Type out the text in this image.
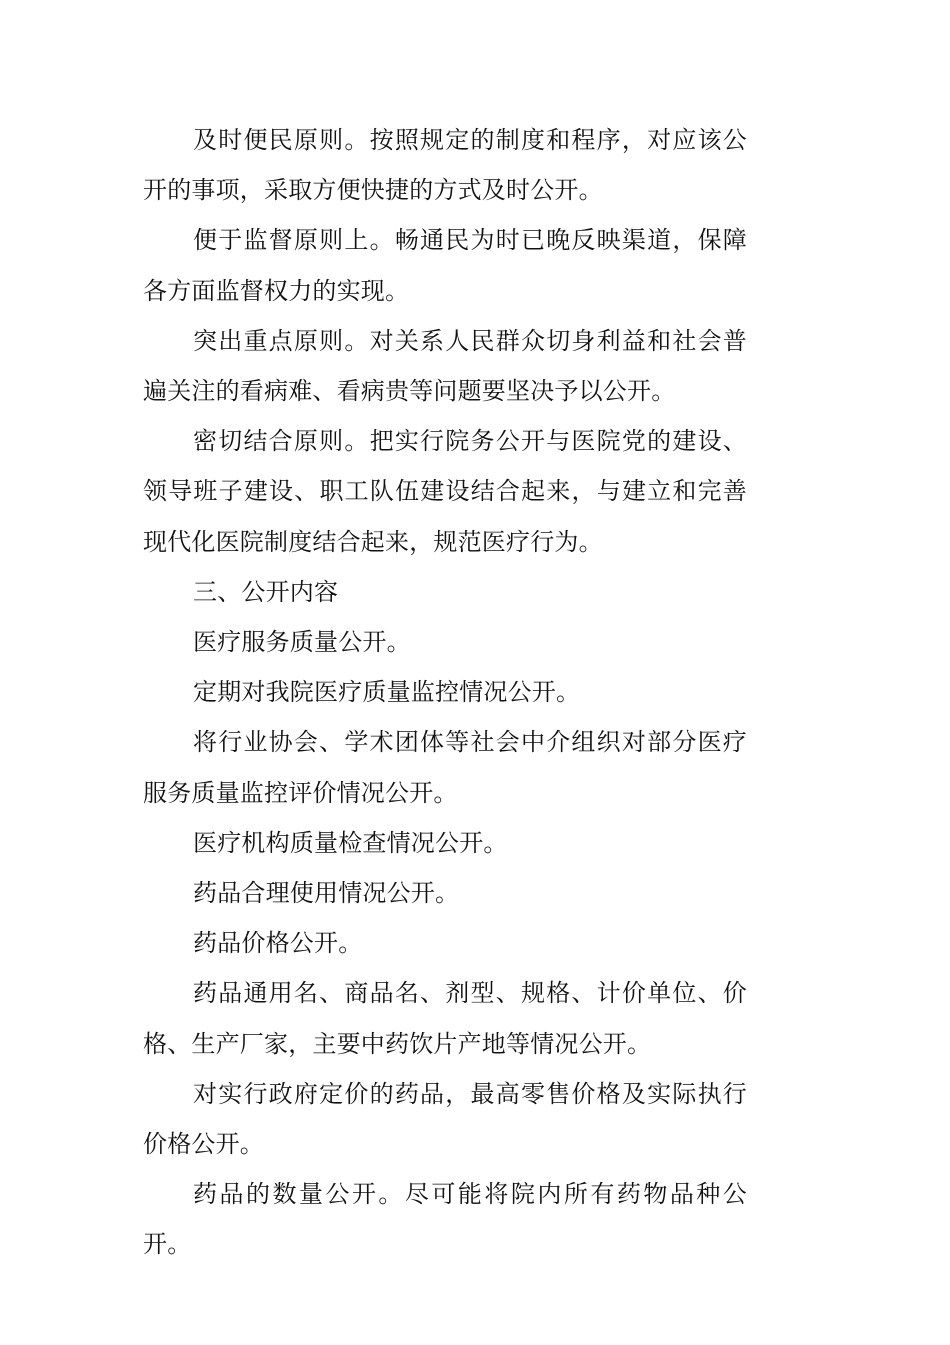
及时便民原则。按照规定的制度和程序，对应该公开的事项，采取方便快捷的方式及时公开。

便于监督原则上。畅通民为时已晚反映渠道，保障各方面监督权力的实现。

突出重点原则。对关系人民群众切身利益和社会普遍关注的看病难、看病贵等问题要坚决予以公开。

密切结合原则。把实行院务公开与医院党的建设、领导班子建设、职工队伍建设结合起来，与建立和完善现代化医院制度结合起来，规范医疗行为。

三、公开内容

医疗服务质量公开。

定期对我院医疗质量监控情况公开。

将行业协会、学术团体等社会中介组织对部分医疗服务质量监控评价情况公开。

医疗机构质量检查情况公开。

药品合理使用情况公开。

药品价格公开。

药品通用名、商品名、剂型、规格、计价单位、价格、生产厂家，主要中药饮片产地等情况公开。

对实行政府定价的药品，最高零售价格及实际执行价格公开。

药品的数量公开。尽可能将院内所有药物品种公开。
